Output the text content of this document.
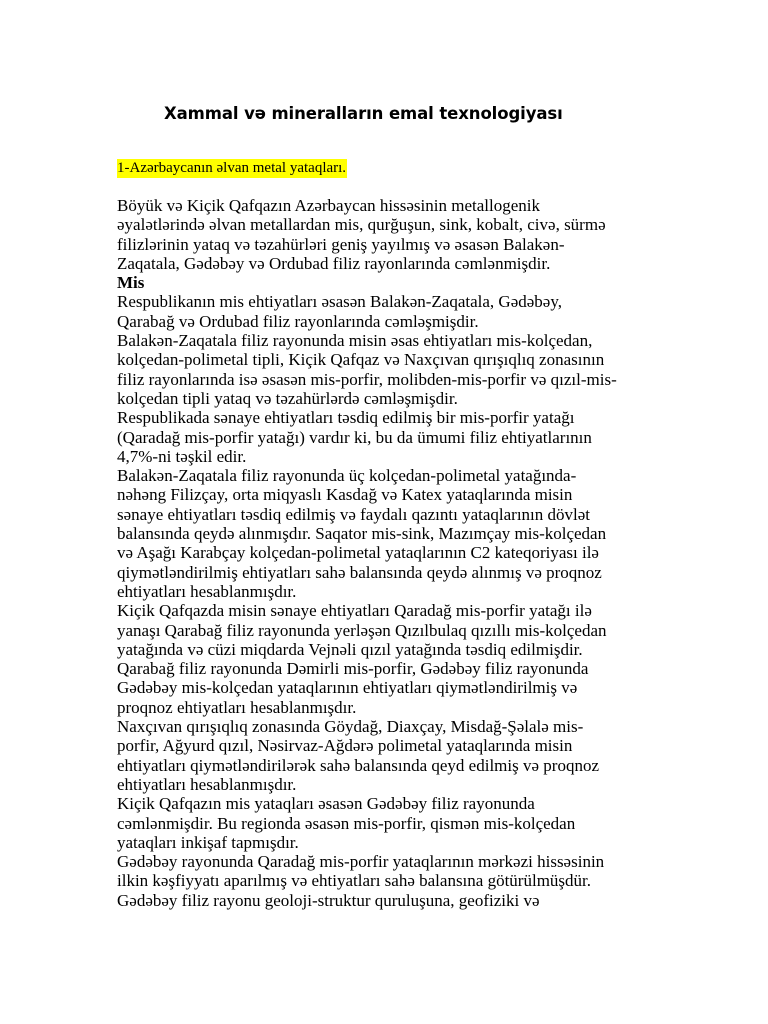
Xammal və mineralların emal texnologiyası
1-Azərbaycanın əlvan metal yataqları.
Böyük və Kiçik Qafqazın Azərbaycan hissəsinin metallogenik
əyalətlərində əlvan metallardan mis, qurğuşun, sink, kobalt, civə, sürmə
filizlərinin yataq və təzahürləri geniş yayılmış və əsasən Balakən-
Zaqatala, Gədəbəy və Ordubad filiz rayonlarında cəmlənmişdir.
Mis
Respublikanın mis ehtiyatları əsasən Balakən-Zaqatala, Gədəbəy,
Qarabağ və Ordubad filiz rayonlarında cəmləşmişdir.
Balakən-Zaqatala filiz rayonunda misin əsas ehtiyatları mis-kolçedan,
kolçedan-polimetal tipli, Kiçik Qafqaz və Naxçıvan qırışıqlıq zonasının
filiz rayonlarında isə əsasən mis-porfir, molibden-mis-porfir və qızıl-mis-
kolçedan tipli yataq və təzahürlərdə cəmləşmişdir.
Respublikada sənaye ehtiyatları təsdiq edilmiş bir mis-porfir yatağı
(Qaradağ mis-porfir yatağı) vardır ki, bu da ümumi filiz ehtiyatlarının
4,7%-ni təşkil edir.
Balakən-Zaqatala filiz rayonunda üç kolçedan-polimetal yatağında-
nəhəng Filizçay, orta miqyaslı Kasdağ və Katex yataqlarında misin
sənaye ehtiyatları təsdiq edilmiş və faydalı qazıntı yataqlarının dövlət
balansında qeydə alınmışdır. Saqator mis-sink, Mazımçay mis-kolçedan
və Aşağı Karabçay kolçedan-polimetal yataqlarının C2 kateqoriyası ilə
qiymətləndirilmiş ehtiyatları sahə balansında qeydə alınmış və proqnoz
ehtiyatları hesablanmışdır.
Kiçik Qafqazda misin sənaye ehtiyatları Qaradağ mis-porfir yatağı ilə
yanaşı Qarabağ filiz rayonunda yerləşən Qızılbulaq qızıllı mis-kolçedan
yatağında və cüzi miqdarda Vejnəli qızıl yatağında təsdiq edilmişdir.
Qarabağ filiz rayonunda Dəmirli mis-porfir, Gədəbəy filiz rayonunda
Gədəbəy mis-kolçedan yataqlarının ehtiyatları qiymətləndirilmiş və
proqnoz ehtiyatları hesablanmışdır.
Naxçıvan qırışıqlıq zonasında Göydağ, Diaxçay, Misdağ-Şəlalə mis-
porfir, Ağyurd qızıl, Nəsirvaz-Ağdərə polimetal yataqlarında misin
ehtiyatları qiymətləndirilərək sahə balansında qeyd edilmiş və proqnoz
ehtiyatları hesablanmışdır.
Kiçik Qafqazın mis yataqları əsasən Gədəbəy filiz rayonunda
cəmlənmişdir. Bu regionda əsasən mis-porfir, qismən mis-kolçedan
yataqları inkişaf tapmışdır.
Gədəbəy rayonunda Qaradağ mis-porfir yataqlarının mərkəzi hissəsinin
ilkin kəşfiyyatı aparılmış və ehtiyatları sahə balansına götürülmüşdür.
Gədəbəy filiz rayonu geoloji-struktur quruluşuna, geofiziki və
